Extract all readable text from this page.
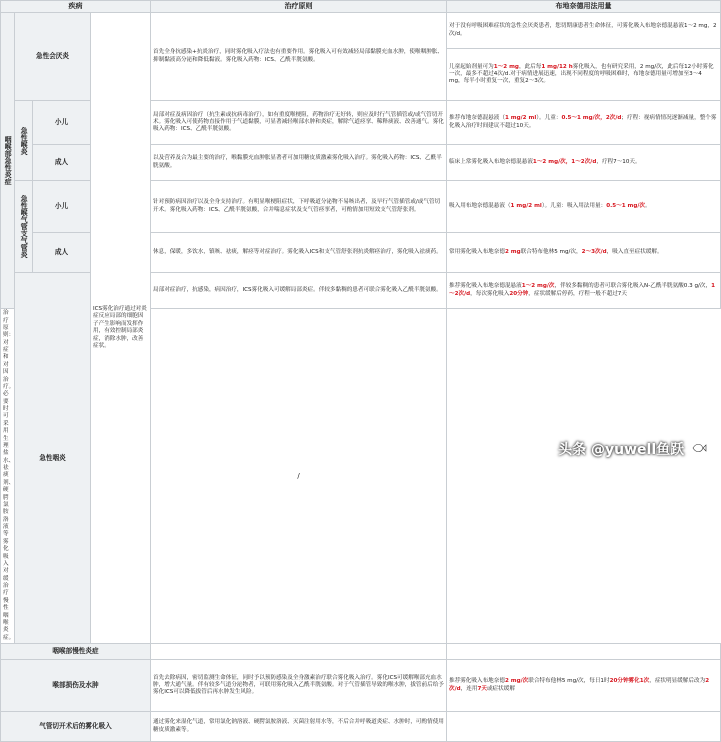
疾病				治疗原则	布地奈德用法用量
咽喉部急性炎症	急性会厌炎		ICS雾化治疗通过对炎症反应局部的细胞因子产生影响而发挥作用，有效控制局部炎症，消除水肿，改善症状。	首先全身抗感染+抗炎治疗，同时雾化吸入疗法也有重要作用。雾化吸入可有效减轻局部黏膜充血水肿，使喉咽肿胀、抑制黏液高分泌和降低黏液。雾化吸入药物：ICS、乙酰半胱氨酸。	对于没有呼吸困难症状的急性会厌炎患者，您切期康患者生命体征，可雾化吸入布地奈德混悬液1～2 mg，2次/d。
					儿童起始剂量可为1～2 mg，此后每1 mg/12 h雾化吸入，也有研究采用，2 mg/次，此后每12小时雾化一次，最多不超过4次/d.对于病情进展迅速，出现不同程度的呼吸困难时，布地奈德用量可增加至3～4 mg，每半小时重复一次，重复2～3次。
	急性喉炎	小儿		局部对症及病因治疗（抗生素或抗病毒治疗），如有重度喉梗阻，药物治疗无好转，则应及时行气管插管或/或气管切开术。雾化吸入可使药物直接作用于气道黏膜，可显著减轻喉部水肿和炎症，解除气道痉挛、稀释痰液、改善通气。雾化吸入药物：ICS、乙酰半胱氨酸。	推荐布地奈德混悬液（1 mg/2 ml）。儿童：0.5～1 mg/次，2次/d；疗程：视病情情况逐渐减量，整个雾化吸入治疗时间建议不超过10天。
		成人		以及营养及合为最主要的治疗，喉黏膜充血肿胀显著者可加用糖皮质激素雾化吸入治疗。雾化吸入药物：ICS、乙酰半胱氨酸。	临床上常雾化吸入布地奈德混悬液1～2 mg/次，1～2次/d，疗程7～10天。
	急性喉气管支气管炎	小儿		针对预防病因治疗以及全身支持治疗。有明显喉梗阻症状，下呼吸道分泌物不易咳出者，及早行气管插管或/或气管切开术。雾化吸入药物：ICS、乙酰半胱氨酸，合并喘息症状及支气管痉挛者，可酌情加用短效支气管舒张剂。	吸入用布地奈德混悬液（1 mg/2 ml）。儿童：吸入用法用量：0.5～1 mg/次。
		成人		休息，保暖，多饮水，镇咳、祛痰，解痉等对症治疗。雾化吸入ICS和支气管舒张剂抗炎解痉治疗，雾化吸入祛痰药。	常用雾化吸入布地奈德2 mg联合特布他林5 mg/次，2～3次/d，吸入直至症状缓解。
	急性咽炎			局部对症治疗，抗感染，病因治疗，ICS雾化吸入可缓解局部炎症。伴较多黏稠的患者可联合雾化吸入乙酰半胱氨酸。	推荐雾化吸入布地奈德混悬液1～2 mg/次，伴较多黏稠的患者可联合雾化吸入N-乙酰半胱氨酸0.3 g/次，1～2次/d，每次雾化吸入20分钟，症状缓解后停药，疗程一般不超过7天
治疗原则：对症和对因治疗。必要时可采用生理盐水、祛痰剂、硬腭氯胺洛液等雾化吸入对缓治疗慢性咽喉炎症。				/	
咽喉部慢性炎症					
喉部损伤及水肿				首先去除病因，密切监测生命体征，同时予以预防感染及全身激素治疗联合雾化吸入治疗。雾化ICS可缓解喉部充血水肿，增大通气量。伴有较多气道分泌物者，可联用雾化吸入乙酰半胱氨酸。对于气管插管导致的喉水肿，拔管前后给予雾化ICS可以降低拔管后再水肿发生风险。	推荐雾化吸入布地奈德2 mg/次联合特布他林5 mg/次，每日1时20分钟雾化1次，症状明显缓解后改为2次/d，连用7天或症状缓解
气管切开术后的雾化吸入				通过雾化来湿化气道，常用氯化钠溶液、硬腭氯胺洛液、灭菌注射用水等，不后合并呼吸道炎症、水肿时，可酌情使用糖皮质激素等。	
头条 @yuwell鱼跃
